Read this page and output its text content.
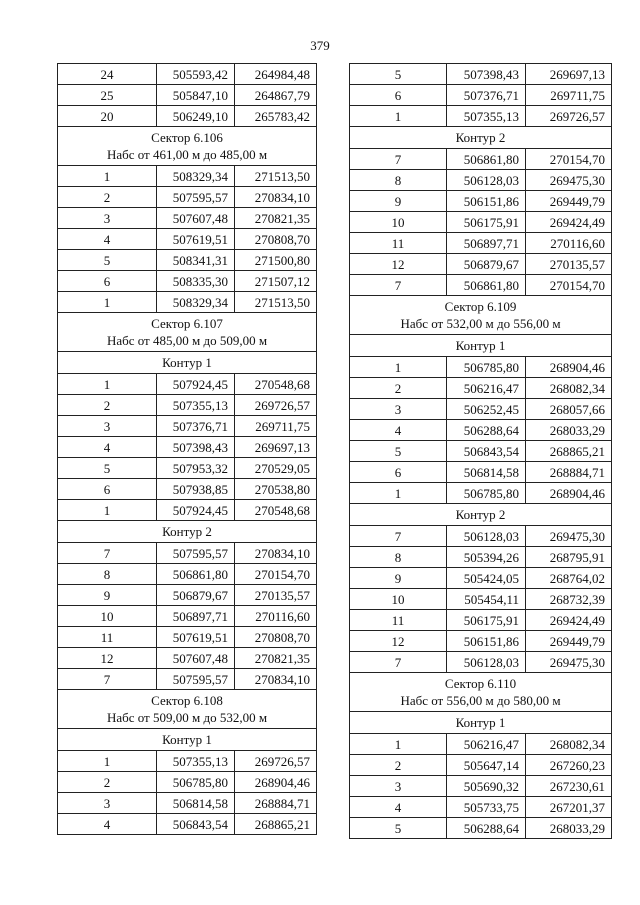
379
24	505593,42	264984,48
25	505847,10	264867,79
20	506249,10	265783,42

Сектор 6.106
Набс от 461,00 м до 485,00 м		

1	508329,34	271513,50
2	507595,57	270834,10
3	507607,48	270821,35
4	507619,51	270808,70
5	508341,31	271500,80
6	508335,30	271507,12
1	508329,34	271513,50

Сектор 6.107
Набс от 485,00 м до 509,00 м		

Контур 1		
1	507924,45	270548,68
2	507355,13	269726,57
3	507376,71	269711,75
4	507398,43	269697,13
5	507953,32	270529,05
6	507938,85	270538,80
1	507924,45	270548,68
Контур 2		
7	507595,57	270834,10
8	506861,80	270154,70
9	506879,67	270135,57
10	506897,71	270116,60
11	507619,51	270808,70
12	507607,48	270821,35
7	507595,57	270834,10

Сектор 6.108
Набс от 509,00 м до 532,00 м		

Контур 1		
1	507355,13	269726,57
2	506785,80	268904,46
3	506814,58	268884,71
4	506843,54	268865,21
5	507398,43	269697,13
6	507376,71	269711,75
1	507355,13	269726,57
Контур 2		
7	506861,80	270154,70
8	506128,03	269475,30
9	506151,86	269449,79
10	506175,91	269424,49
11	506897,71	270116,60
12	506879,67	270135,57
7	506861,80	270154,70

Сектор 6.109
Набс от 532,00 м до 556,00 м		

Контур 1		
1	506785,80	268904,46
2	506216,47	268082,34
3	506252,45	268057,66
4	506288,64	268033,29
5	506843,54	268865,21
6	506814,58	268884,71
1	506785,80	268904,46
Контур 2		
7	506128,03	269475,30
8	505394,26	268795,91
9	505424,05	268764,02
10	505454,11	268732,39
11	506175,91	269424,49
12	506151,86	269449,79
7	506128,03	269475,30

Сектор 6.110
Набс от 556,00 м до 580,00 м		

Контур 1		
1	506216,47	268082,34
2	505647,14	267260,23
3	505690,32	267230,61
4	505733,75	267201,37
5	506288,64	268033,29
